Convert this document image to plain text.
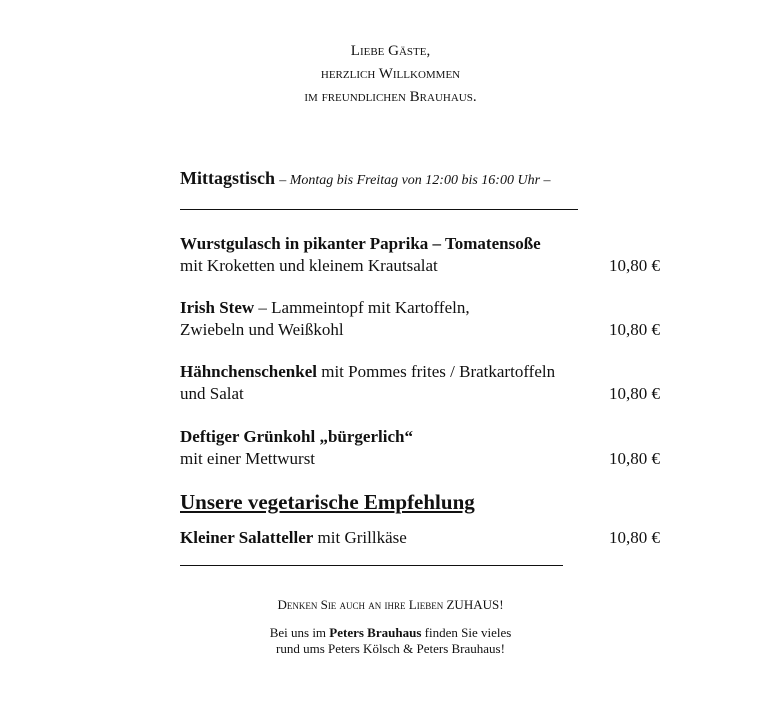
Liebe Gäste,
herzlich Willkommen
im freundlichen Brauhaus.
Mittagstisch – Montag bis Freitag von 12:00 bis 16:00 Uhr –
Wurstgulasch in pikanter Paprika – Tomatensoße
mit Kroketten und kleinem Krautsalat	10,80 €
Irish Stew – Lammeintopf mit Kartoffeln,
Zwiebeln und Weißkohl	10,80 €
Hähnchenschenkel mit Pommes frites / Bratkartoffeln
und Salat	10,80 €
Deftiger Grünkohl „bürgerlich“
mit einer Mettwurst	10,80 €
Unsere vegetarische Empfehlung
Kleiner Salatteller mit Grillkäse	10,80 €
Denken Sie auch an ihre Lieben ZUHAUS!
Bei uns im Peters Brauhaus finden Sie vieles
rund ums Peters Kölsch & Peters Brauhaus!
